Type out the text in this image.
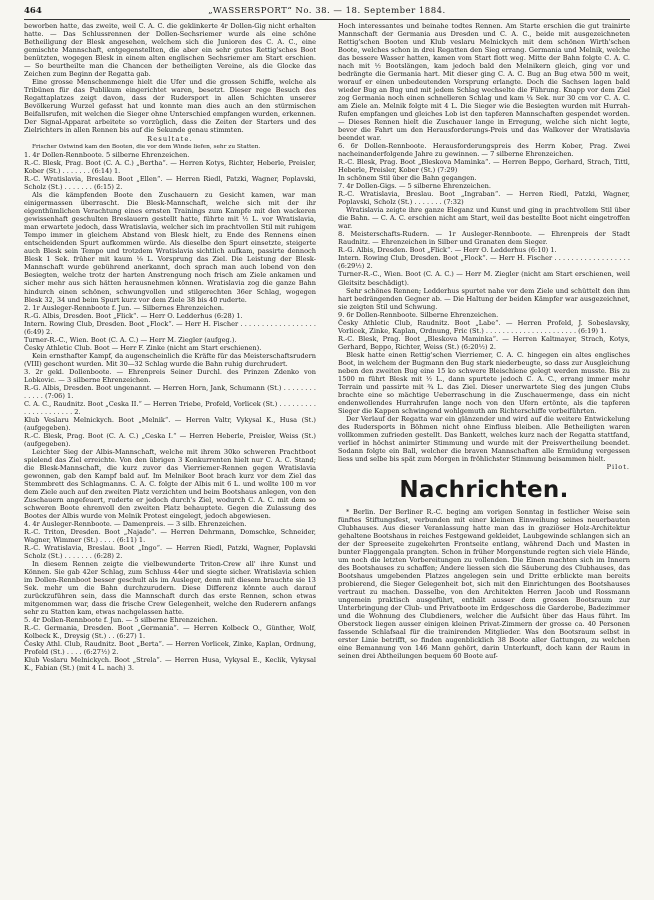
464	„WASSERSPORT“ No. 38. — 18. September 1884.

beworben hatte, das zweite, weil C. A. C. die geklinkerte 4r Dollen-Gig nicht erhalten hatte. — Das Schlussrennen der Dollen-Sechsriemer wurde als eine schöne Betheiligung der Blesk angesehen, welchem sich die Junioren des C. A. C., eine gemischte Mannschaft, entgegenstellten, die aber ein sehr gutes Rettig'sches Boot benützten, wogegen Blesk in einem alten englischen Sechsriemer am Start erschien. — So beurtheilte man die Chancen der betheiligten Vereine, als die Glocke das Zeichen zum Beginn der Regatta gab.

Eine grosse Menschenmenge hielt die Ufer und die grossen Schiffe, welche als Tribünen für das Publikum eingerichtet waren, besetzt. Dieser rege Besuch des Regattaplatzes zeigt davon, dass der Rudersport in allen Schichten unserer Bevölkerung Wurzel gefasst hat und konnte man dies auch an den stürmischen Beifallsrufen, mit welchen die Sieger ohne Unterschied empfangen wurden, erkennen. Der Signal-Apparat arbeitete so vorzüglich, dass die Zeiten der Starters und des Zielrichters in allen Rennen bis auf die Sekunde genau stimmten.

Resultate.

Frischer Ostwind kam den Booten, die vor dem Winde liefen, sehr zu Statten.

1. 4r Dollen-Rennboote. 5 silberne Ehrenzeichen.

R.-C. Blesk, Prag. Boot (C. A. C.) „Bertha“. — Herren Kotys, Richter, Heberle, Preisler, Kober (St.) . . . . . . . (6:14) 1.

R.-C. Wratislavia, Breslau. Boot „Ellen“. — Herren Riedl, Patzki, Wagner, Poplavski, Scholz (St.) . . . . . . . (6:15) 2.

Als die kämpfenden Boote den Zuschauern zu Gesicht kamen, war man einigermassen überrascht. Die Blesk-Mannschaft, welche sich mit der ihr eigenthümlichen Verachtung eines ernsten Trainings zum Kampfe mit den wackeren gewissenhaft geschulten Breslauern gestellt hatte, führte mit ½ L. vor Wratislavia, man erwartete jedoch, dass Wratislavia, welcher sich im prachtvollen Stil mit ruhigem Tempo immer in gleichem Abstand von Blesk hielt, zu Ende des Rennens einen entscheidenden Spurt aufkommen würde. Als dieselbe den Spurt einsetzte, steigerte auch Blesk sein Tempo und trotzdem Wratislavia sichtlich aufkam, passirte dennoch Blesk 1 Sek. früher mit kaum ⅛ L. Vorsprung das Ziel. Die Leistung der Blesk-Mannschaft wurde gebührend anerkannt, doch sprach man auch lobend von den Besiegten, welche trotz der harten Anstrengung noch frisch am Ziele ankamen und sicher mehr aus sich hätten herausnehmen können. Wratislavia zog die ganze Bahn hindurch einen schönen, schwungvollen und stilgerechten 36er Schlag, wogegen Blesk 32, 34 und beim Spurt kurz vor dem Ziele 38 bis 40 ruderte.

2. 1r Ausleger-Rennboote f. Jun. — Silbernes Ehrenzeichen.

R.-G. Albis, Dresden. Boot „Flick“. — Herr O. Ledderhus (6:28) 1.

Intern. Rowing Club, Dresden. Boot „Flock“. — Herr H. Fischer . . . . . . . . . . . . . . . . . . (6:49) 2.

Turner-R.-C., Wien. Boot (C. A. C.) — Herr M. Ziegler (aufgeg.).

Česky Athletic Club. Boot — Herr F. Zinke (nicht am Start erschienen).

Kein ernsthafter Kampf, da augenscheinlich die Kräfte für das Meisterschaftsrudern (VIII) geschont wurden. Mit 30—32 Schlag wurde die Bahn ruhig durchrudert.

3. 2r gekl. Dollenboote. — Ehrenpreis Seiner Durchl. des Prinzen Zdenko von Lobkovic. — 3 silberne Ehrenzeichen.

R.-G. Albis, Dresden. Boot ungenannt. — Herren Horn, Jank, Schumann (St.) . . . . . . . . . . . . . (7:06) 1.

C. A. C., Raudnitz. Boot „Ceska II.“ — Herren Triebe, Profeld, Vorlicek (St.) . . . . . . . . . . . . . . . . . . . . . 2.

Klub Veslaru Melnickych. Boot „Melnik“. — Herren Valtr, Vykysal K., Husa (St.) (aufgegeben).

R.-C. Blesk, Prag. Boot (C. A. C.) „Ceska I.“ — Herren Heberle, Preisler, Weiss (St.) (aufgegeben).

Leichter Sieg der Albis-Mannschaft, welche mit ihrem 30ko schweren Prachtboot spielend das Ziel erreichte. Von den übrigen 3 Konkurrenten hielt nur C. A. C. Stand; die Blesk-Mannschaft, die kurz zuvor das Vierriemer-Rennen gegen Wratislavia gewonnen, gab den Kampf bald auf. Im Melniker Boot brach kurz vor dem Ziel das Stemmbrett des Schlagmanns. C. A. C. folgte der Albis mit 6 L. und wollte 100 m vor dem Ziele auch auf den zweiten Platz verzichten und beim Bootshaus anlegen, von den Zuschauern angefeuert, ruderte er jedoch durch's Ziel, wodurch C. A. C. mit dem so schweren Boote ehrenvoll den zweiten Platz behauptete. Gegen die Zulassung des Bootes der Albis wurde von Melnik Protest eingelegt, jedoch abgewiesen.

4. 4r Ausleger-Rennboote. — Damenpreis. — 3 silb. Ehrenzeichen.

R.-C. Triton, Dresden. Boot „Najade“. — Herren Dehrmann, Domschke, Schneider, Wagner, Wimmer (St.) . . . . (6:11) 1.

R.-C. Wratislavia, Breslau. Boot „Ingo“. — Herren Riedl, Patzki, Wagner, Poplavski Scholz (St.) . . . . . . . (6:28) 2.

In diesem Rennen zeigte die vielbewunderte Triton-Crew all' ihre Kunst und Können. Sie gab 42er Schlag, zum Schluss 44er und siegte sicher. Wratislavia schien im Dollen-Rennboot besser geschult als im Ausleger, denn mit diesem brauchte sie 13 Sek. mehr um die Bahn durchzurudern. Diese Differenz könnte auch darauf zurückzuführen sein, dass die Mannschaft durch das erste Rennen, schon etwas mitgenommen war, dass die frische Crew Gelegenheit, welche den Ruderern anfangs sehr zu Statten kam, etwas nachgelassen hatte.

5. 4r Dollen-Rennboote f. Jun. — 5 silberne Ehrenzeichen.

R.-C. Germania, Dresden. Boot „Germania“. — Herren Kolbeck O., Günther, Wolf, Kolbeck K., Dreysig (St.) . . (6:27) 1.

Česky Athl. Club, Raudnitz. Boot „Berta“. — Herren Vorlicek, Zinke, Kaplan, Ordnung, Profeld (St.) . . . . (6:27½) 2.

Klub Veslaru Melnickych. Boot „Strela“. — Herren Husa, Vykysal E., Keclik, Vykysal K., Fabian (St.) (mit 4 L. nach) 3.

Hoch interessantes und beinahe todtes Rennen. Am Starte erschien die gut trainirte Mannschaft der Germania aus Dresden und C. A. C., beide mit ausgezeichneten Rettig'schen Booten und Klub veslaru Melnickych mit dem schönen Wirth'schen Boote, welches schon in drei Regatten den Sieg errang. Germania und Melnik, welche das bessere Wasser hatten, kamen vom Start flott weg. Mitte der Bahn folgte C. A. C. nach mit ½ Bootslängen, kam jedoch bald den Melnikern gleich, ging vor und bedrängte die Germania hart. Mit dieser ging C. A. C. Bug an Bug etwa 500 m weit, worauf er einen unbedeutenden Vorsprung erlangte. Doch die Sachsen lagen bald wieder Bug an Bug und mit jedem Schlag wechselte die Führung. Knapp vor dem Ziel zog Germania noch einen schnelleren Schlag und kam ¼ Sek. nur 30 cm vor C. A. C. am Ziele an. Melnik folgte mit 4 L. Die Sieger wie die Besiegten wurden mit Hurrah-Rufen empfangen und gleiches Lob ist den tapferen Mannschaften gespendet worden. — Dieses Rennen hielt die Zuschauer lange in Erregung, welche sich nicht legte, bevor die Fahrt um den Herausforderungs-Preis und das Walkover der Wratislavia beendet war.

6. 6r Dollen-Rennboote. Herausforderungspreis des Herrn Kober, Prag. Zwei nacheinanderfolgende Jahre zu gewinnen. — 7 silberne Ehrenzeichen.

R.-C. Blesk, Prag. Boot „Bleskova Maminka“. — Herren Beppo, Gerhard, Strach, Tittl, Heberle, Preisler, Kober (St.) (7:29)

In schönem Stil über die Bahn gegangen.

7. 4r Dollen-Gigs. — 5 silberne Ehrenzeichen.

R.-C. Wratislavia, Breslau. Boot „Ingraban“. — Herren Riedl, Patzki, Wagner, Poplavski, Scholz (St.) . . . . . . . (7:32)

Wratislavia zeigte ihre ganze Eleganz und Kunst und ging in prachtvollem Stil über die Bahn. — C. A. C. erschien nicht am Start, weil das bestellte Boot nicht eingetroffen war.

8. Meisterschafts-Rudern. — 1r Ausleger-Rennboote. — Ehrenpreis der Stadt Raudnitz. — Ehrenzeichen in Silber und Granaten dem Sieger.

R.-G. Albis, Dresden. Boot „Flick“. — Herr O. Ledderhus (6:10) 1.

Intern. Rowing Club, Dresden. Boot „Flock“. — Herr H. Fischer . . . . . . . . . . . . . . . . . . (6:29½) 2.

Turner-R.-C., Wien. Boot (C. A. C.) — Herr M. Ziegler (nicht am Start erschienen, weil Gleitsitz beschädigt).

Sehr schönes Rennen; Ledderhus spurtet nahe vor dem Ziele und schüttelt den ihm hart bedrängenden Gegner ab. — Die Haltung der beiden Kämpfer war ausgezeichnet, sie zeigten Stil und Schwung.

9. 6r Dollen-Rennboote. Silberne Ehrenzeichen.

Česky Athletic Club, Raudnitz. Boot „Labe“. — Herren Profeld, J. Sobeslavsky, Vorlicek, Zinke, Kaplan, Ordnung, Fric (St.) . . . . . . . . . . . . . . . . . . . . . . (6:19) 1.

R.-C. Blesk, Prag. Boot „Bleskova Maminka“. — Herren Kaltmayer, Strach, Kotys, Gerhard, Beppo, Richter, Weiss (St.) (6:20½) 2.

Blesk hatte einen Rettig'schen Vierriemer, C. A. C. hingegen ein altes englisches Boot, in welchem der Bugmann den Bug stark niederbeugte, so dass zur Ausgleichung neben den zweiten Bug eine 15 ko schwere Bleischiene gelegt werden musste. Bis zu 1500 m führt Blesk mit ½ L., dann spurtete jedoch C. A. C., errang immer mehr Terrain und passirte mit ¾ L. das Ziel. Dieser unerwartete Sieg des jungen Clubs brachte eine so mächtige Ueberraschung in die Zuschauermenge, dass ein nicht endenwollendes Hurrahrufen lange noch von den Ufern ertönte, als die tapferen Sieger die Kappen schwingend wohlgemuth am Richterschiffe vorbeiführten.

Der Verlauf der Regatta war ein glänzender und wird auf die weitere Entwickelung des Rudersports in Böhmen nicht ohne Einfluss bleiben. Alle Betheiligten waren vollkommen zufrieden gestellt. Das Bankett, welches kurz nach der Regatta stattfand, verlief in höchst animirter Stimmung und wurde mit der Preisvertheilung beendet. Sodann folgte ein Ball, welcher die braven Mannschaften alle Ermüdung vergessen liess und selbe bis spät zum Morgen in fröhlichster Stimmung beisammen hielt.

Pilot.

Nachrichten.

* Berlin. Der Berliner R.-C. beging am vorigen Sonntag in festlicher Weise sein fünftes Stiftungsfest, verbunden mit einer kleinen Einweihung seines neuerbauten Clubhauses. Aus dieser Veranlassung hatte man das in graziöser Holz-Architektur gehaltene Bootshaus in reiches Festgewand gekleidet, Laubgewinde schlangen sich an der der Spreeseite zugekehrten Frontseite entlang, während Dach und Masten in bunter Flaggengala prangten. Schon in früher Morgenstunde regten sich viele Hände, um noch die letzten Vorbereitungen zu vollenden. Die Einen machten sich im Innern des Bootshauses zu schaffen; Andere liessen sich die Säuberung des Clubhauses, das Bootshaus umgebenden Platzes angelegen sein und Dritte erblickte man bereits probierend, die Sieger Gelegenheit bot, sich mit den Einrichtungen des Bootshauses vertraut zu machen. Dasselbe, von den Architekten Herren Jacob und Rossmann ungemein praktisch ausgeführt, enthält ausser dem grossen Bootsraum zur Unterbringung der Club- und Privatboote im Erdgeschoss die Garderobe, Badezimmer und die Wohnung des Clubdieners, welcher die Aufsicht über das Haus führt. Im Oberstock liegen ausser einigen kleinen Privat-Zimmern der grosse ca. 40 Personen fassende Schlafsaal für die trainirenden Mitglieder. Was den Bootsraum selbst in erster Linie betrifft, so finden augenblicklich 38 Boote aller Gattungen, zu welchen eine Bemannung von 146 Mann gehört, darin Unterkunft, doch kann der Raum in seinen drei Abtheilungen bequem 60 Boote auf-
